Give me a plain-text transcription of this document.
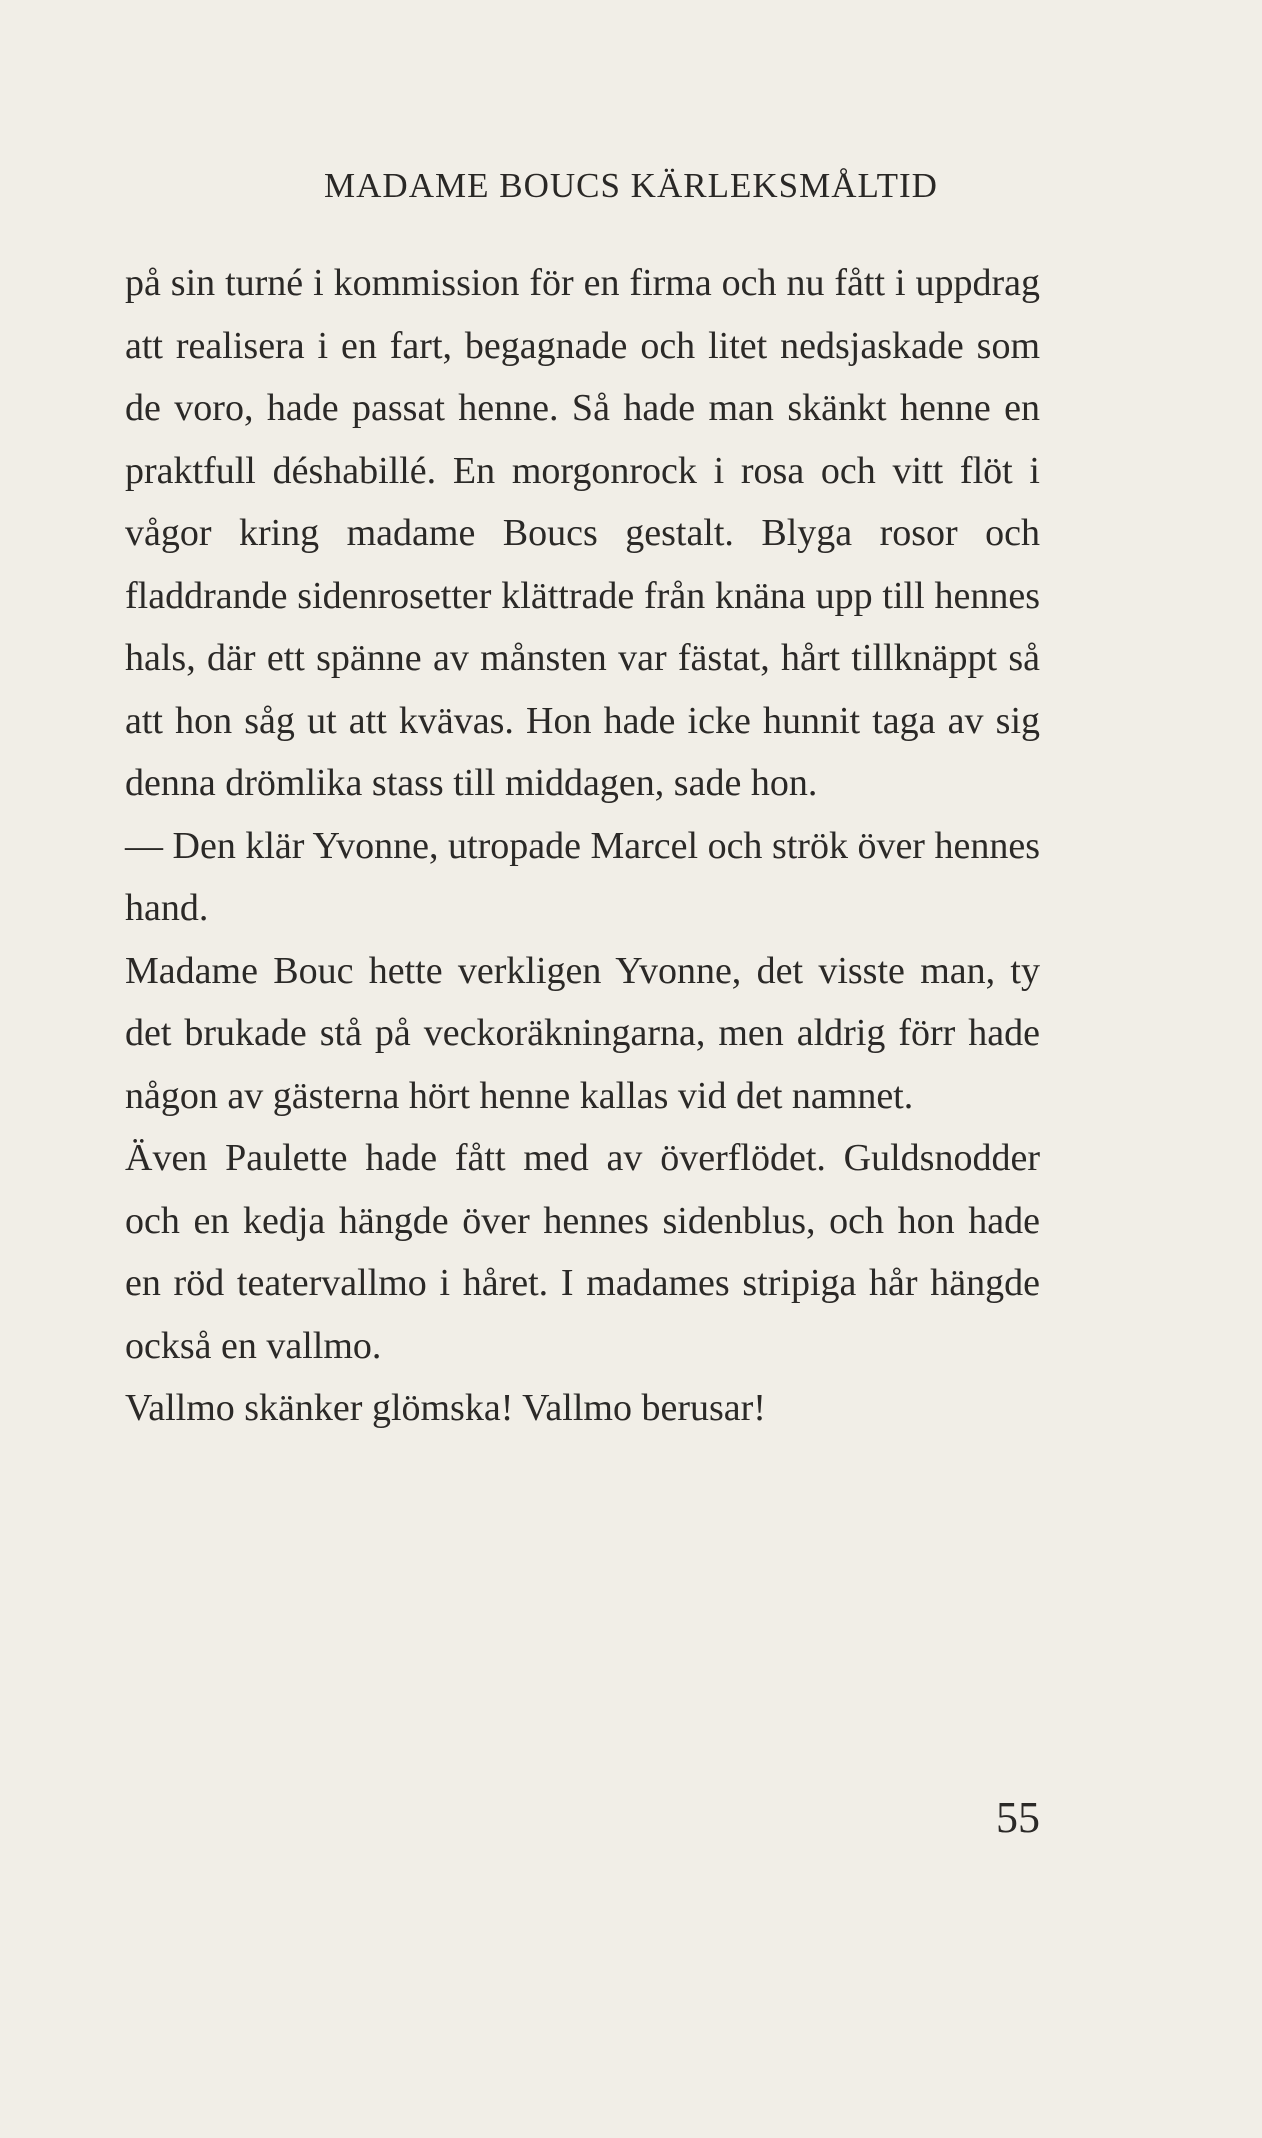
MADAME BOUCS KÄRLEKSMÅLTID

på sin turné i kommission för en firma och nu fått i uppdrag att realisera i en fart, begagnade och litet nedsjaskade som de voro, hade passat henne. Så hade man skänkt henne en praktfull déshabillé. En morgonrock i rosa och vitt flöt i vågor kring madame Boucs gestalt. Blyga rosor och fladdrande sidenrosetter klättrade från knäna upp till hennes hals, där ett spänne av månsten var fästat, hårt tillknäppt så att hon såg ut att kvävas. Hon hade icke hunnit taga av sig denna drömlika stass till middagen, sade hon.

— Den klär Yvonne, utropade Marcel och strök över hennes hand.

Madame Bouc hette verkligen Yvonne, det visste man, ty det brukade stå på veckoräkningarna, men aldrig förr hade någon av gästerna hört henne kallas vid det namnet.

Även Paulette hade fått med av överflödet. Guldsnodder och en kedja hängde över hennes sidenblus, och hon hade en röd teatervallmo i håret. I madames stripiga hår hängde också en vallmo.

Vallmo skänker glömska! Vallmo berusar!

55
